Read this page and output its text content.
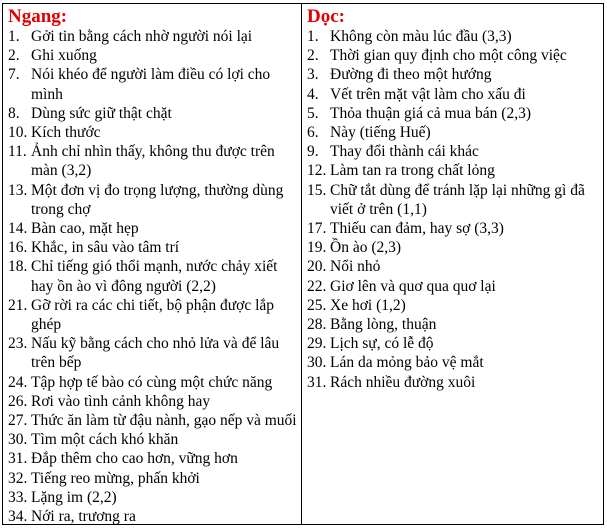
Ngang:
1. Gởi tin bằng cách nhờ người nói lại
2. Ghi xuống
7. Nói khéo để người làm điều có lợi cho mình
8. Dùng sức giữ thật chặt
10. Kích thước
11. Ảnh chỉ nhìn thấy, không thu được trên màn (3,2)
13. Một đơn vị đo trọng lượng, thường dùng trong chợ
14. Bàn cao, mặt hẹp
16. Khắc, in sâu vào tâm trí
18. Chỉ tiếng gió thổi mạnh, nước chảy xiết hay ồn ào vì đông người (2,2)
21. Gỡ rời ra các chi tiết, bộ phận được lắp ghép
23. Nấu kỹ bằng cách cho nhỏ lửa và để lâu trên bếp
24. Tập hợp tế bào có cùng một chức năng
26. Rơi vào tình cảnh không hay
27. Thức ăn làm từ đậu nành, gạo nếp và muối
30. Tìm một cách khó khăn
31. Đắp thêm cho cao hơn, vững hơn
32. Tiếng reo mừng, phấn khởi
33. Lặng im (2,2)
34. Nới ra, trương ra
Dọc:
1. Không còn màu lúc đầu (3,3)
2. Thời gian quy định cho một công việc
3. Đường đi theo một hướng
4. Vết trên mặt vật làm cho xấu đi
5. Thỏa thuận giá cả mua bán (2,3)
6. Này (tiếng Huế)
9. Thay đổi thành cái khác
12. Làm tan ra trong chất lỏng
15. Chữ tắt dùng để tránh lặp lại những gì đã viết ở trên (1,1)
17. Thiếu can đảm, hay sợ (3,3)
19. Ồn ào (2,3)
20. Nổi nhỏ
22. Giơ lên và quơ qua quơ lại
25. Xe hơi (1,2)
28. Bằng lòng, thuận
29. Lịch sự, có lễ độ
30. Lán da mỏng bảo vệ mắt
31. Rách nhiều đường xuôi
